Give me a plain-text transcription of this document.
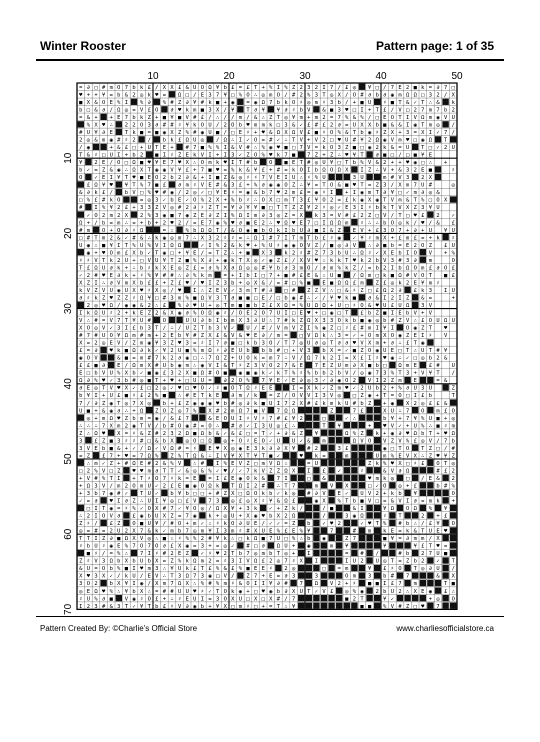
Winter Rooster	Pattern page: 1 of 35
10	20	30	40	50
10
20
30
40
50
60
70
= ∂ □ # m O 7 b k £ / X X £ & U O Ω ¥ b £ = £ T + % I % Z 2 3 2 I 7 / £ ◎ ¥ □ / 7 E 2 ■ k = ∂ 7 □
♥ + + ¥ = b & 2 ◎ k ♥ = Ω □ / E 3 7 ¥ □ % O ∴ ◎ m O / # 2 % 3 T ◎ X / O # ∂ b ∂ ◉ m Ω Ω □ 3 2 / X
■ X & O E % I % ∂ % # Z ∂ ¥ # k ■ + ◉ = ◉ Ω 7 b k O ♯ ◎ m ♯ 3 b / + ■ U ♯ ■ T & ✓ T ∴ & k
b □ & ∂ / Ω ◎ = V £ O ∂ ♥ k m ■ 3 X / ¥ T ∂ ¥ ¥ ∂ ♯ b V & ■ 3 ♥ □ I + T £ / V □ 2 7 m 7 b 2
= & + + E 7 b k Z + ■ ¥ ■ V # £ / ∴ / / m / & ∴ Z T ◎ ¥ m + m 2 = 7 % & % / □ E O T I V Ω m ◉ V U
% X ♥ ∴ 2 2 O 3 ∂ # # ♯ ¥ k O U / 2 O b ♥ m m k □ 3 & ✓ £ # £ 2 ∂ = U X X b ■ & & I ◉ T m ◎ /
# U ¥ ∂ E T k ■ = ■ ◉ X Z % # ◉ U ■ / □ E ♯ + ♥ & Ω X Ω V £ ■ ♯ O % & T b ◉ ♯ Z X + 3 = X I ✓ 7 /
2 ◎ & m ◉ # ♯ 2 / b k £ Ω U ◎ / Ω ∴ I ✓ O = # ✓ ∴ T V + V 2 □ ♥ U # ¥ 2 Ω ◉ V m ♥ □ ◉ Ω T
/ ◉	+ & £ □ + U T E + # 7 ■ % % I & V # ∴ % ◉ ♥ ■ □ 7 V = k O 3 Z ■ □ ◉ 2 k & = U T □ ✓ 2 U
T & ♯ □ U I + b 2 ■ I ♯ Z E k V I + I 3 ✓ Z O % ♥ k 7 ■ 7 Z + Z ∴ ♥ ¥ T ∂ ■ □ / □ ■ ¥ E
¥ 2 E / O □ Ω ■ ♥ ¥ E 7 ♥ X ∴ O m k ♥ I T # b O ■ E T # ◎ U ¥ □ T b % V & 2 + + ♥ ◉ □ ∴ +
b ✓ = Z & ◉ ∴ Ω X T ◉ ◉ V ¥ £ + 7 ■ ♥ = % k & ¥ £ + # = k O I b Ω O Ω X I Z ∴ V + & 3 2 E ■	♯
O ✓ E I ¥ T ♥ ■ E O 2 b 2 ∂ & + I ■ Z & ◎ ♯ ♯ 7 V E I U ∴ ♯ % U	3 U	m # V 3 2 X
£ Ω ¥ ♥ ¥ T % 7 ■ £ ∂ m ♯ V E # & 3 £ + % ∂ ◉ ◉ O Z ∴ ¥ = T O & ■ ♥ T = Z 3 / X m 7 U #	◎
& ∂ k £ / b V □ % ♥ # ◉ / 2 ◎ ✓ □ ¥ E ♯ = ◉ & b 7 ♥ 2 m £ = ◉ ♯ I + I ◉ m T ∂ ¥ □ ✓ m ∂ ◎ &
□ % £ # k O	= ◎ 3 ✓ b E ✓ O % 2 X + % b ♯ ∴ O X □ m T 3 £ ¥ O 2 = £ k ◉ X ◉ T V m & T % □ O X
# I % ¥ 2 £ + 3 3 Z V ◎ # 2 ∂ ♯ Z T = ¥ ∂ ¥ ¥ ■ □ T T Z Z ¥ 2 ♯ ◎ ✓ E 3 I ♯ b k T V X Z 3 ¥ U
✓ O 2 m 2 X 2 % 3 ◉ ■ 7 ◉ Z E ∂ Z I % Ω I m ∂ 3 ◎ Z = X k 3 = V # £ 2 Z □ V / T □ ♥ £ 2 ✓
Ω + / b = m ∴ = + b + 2 ♥ 2 / = E 7 ◉ % ♥ ∂ ■ E 2 ∴ ♥ Ω ♥ E 7 □ I Ω Ω m ♯ ∴ ∴ b O ◎ k / ♥ / & £
# m O + O ∂ ♯ Ω	= ∴ % b Ω Ω T / & O ◉ ■ b O k I b U ∂ ■ I & Z E V + £ 3 O 7 + ∂ + U ¥ U
□ # T m 2 & ✓ # & ∴ k ◉ ◎ m 7 ∴ X 3 2 ♯ ♯ = ∴ Ω I # 7 I T m T b £ ♯ ◉ ✓ ¥ ♯ m X + £ m £ = + k ♯
U ◉ ∴ ■ ¥ I T % U % V I Ω Ω	✓ I % 2 & k ♥ + % U ♯ ◉ ◉ O V Z / ■ ◎ ∂ V ∴ ∂ ■ b = E 2 O Z £ U
◉ + ♥ O m £ X b ✓ T ◉ □ + ¥ E / = T Z ∴ + ■ X 3 k 2 ♯ # Z 7 3 b U ∴ Ω ♯ ✓ X E b I O V + %
♯ ♯ V T k 2 U + □ V U ¥ T Z ■ % X ∂ + ◉ k T X ◎ ✓ ◉ Z £ / X V ♥ ∴ k k T ♥ k 2 b V 3 # 3 ∂ m	O
T £ Ω U ∂ k + ∴ b ♯ k X E ◎ Z £ = ∂ % X ∂ Ω ◎ ◎ # ¥ b ∂ 3 m O / ∂ m % k Z / = b 2 I b Ω O m £ ∂ O £
✓ 2 # ♥ E ∂ k + ♯ % ¥ # # ∴ ∂ % k m = + I b I □ 7 + ■ # £ E & ∴ U ■ / Ω m □ k ■ Ω # V O T ■ £
X Z I ∴ ∂ V m X b £ £ + Z £ ♥ / ♥ I Z 3 b + ◎ X & / = # □ % ■ E ■ Ω Ω £ m Z £ ◎ k 2 E ¥ m ♯
k V Z V U ◉ U X ♥ ♯ X ◎ / ♥ I ∴ Z E V ✓ 3 m T # ∂ □ # Z Z V ∴ □ & ♯ Z □ £ Ω 2 ∂ £ k 3 I U
∂ ♯ k Z ♥ Z Z ♯ Ω ¥ □ # 3 m % ■ Ω V 3 T ∂ ■ ■ □ E / □ b ◉ # ∴ ✓ / ¥ ♥ k ■ ∂ & I 2 I Z & =	+
2 ◎ ♥ Ω / ◉ ◉ & 2 ∴ £ % ∂ ♥ U + ◎ T m ■ ■ b Z £ X Ω = % U Ω Ω + U □ ♯ O & ♥ U £ U Ω 3 V
I k Ω U ♯ 2 + k E Z 2 & X ◉ ∂ % O Ω ◉ ♯ / O E 2 O 7 U I □ E ♥ + □ ◉ □ T £ b Z ■ I E b V + V
V ∴ # = V 7 T ¥ U # O	U U ∂ b I b m X 3 ∂ U ∴ 7 # k Z Ω X 3 3 O k b ■ ◉ ◎ b # Z V ∴ £ O U Ω U
X O ◎ V ✓ 3 I £ b 3 T / ∴ / U Z T b 3 V ✓ U / # / V m V Z I % ◉ Z □ ♯ £ # m I ¥ I O ◉ Z T ♥
# 7 # U O ¥ Ω m # m + 2 E b ¥ # Z X £ & V & ♥ E ∂ / m = □ V Ω k ∴ 3 = ✓ + O m X O ◉ Z E I ♯ V
X = 2 ◎ E V / Z m ◉ ¥ 3 Z ♥ 3 = ♯ I 7 ∂ ■ □ k b 3 O / T 7 ◎ U ∂ ◎ T ∂ ∂ ♥ V X m + ∂ ∴ £ T ◉
£ = ∂ ♥ k ■ Ω ∂ k ✓ ¥ 2 U ■ % m Ω ♯ ∂ E U b b b # □ + V 3 b X = ✓ ■ Z O ◉ U E □ T ∴ U T # ¥
◉ O V	& ■ = m # 7 k 2 ∂ ◉ □ ∴ 7 Ω Z + U O k = m 7 ∴ V / Ω 7 k 2 I = X £ I ♯ ♥ ◉ ∴ ✓ □ ◎ b 2 &
£ £ ■ ∂ E / Ω m X # U b ◉ m ∴ ◉ V I & T ♯ Z 3 V O 2 7 & E 7 E Z U m ∂ X ■ b □ Ω m E £ # U
E □ b V U % X b ✓ ■ ◉ £ 3 2 X ■ Ω # O ■ ◉ ■ ◉ k ✓ k T % ♯ % b b 2 b V / ◎ ◉ 7 3 % T 3 + V ¥ T /
Ω ∂ % ♥ ✓ 3 b # ◎ ■ T + ♥ + □ U U = ∂ 2 O % 7 ¥ E ✓ E ∂ ◎ 3 ✓ ∂ ◉ O 2 V I 2 Z m E	= &
∂ E ◎ T V ♥ X ✓ £ □ 2 ◎ ✓ ♥ □ ♥ O ✓ ♯ ■ O T Ω ♯ E E	I = X k ✓ Z m ♥ ✓ 2 U b 2 + % ∂ U 3 U	Z
b ¥ I + U £ ■ ♯ £ 2 % ■ ∴ # E T k E ∂ m / k = Z / O V V I 3 V ◎ □ Z ◉ + T = O □ I £ b	T
7 / ∂ Z ◉ T ◎ 7 X ◎ b + £ Z ◉ ◉ ◉ ♥ b # ◎ ∂ k ■ U I 7 2 X # £ k m k U # b Z + ◉ X 2 ◎ £ £ &
U ■ + & ◉ ∂ ∴ + Ω Z O Z ◎ 7 % X # 2 m Ω 7 ■ V 7 Ω Ω	Z	7 £	X U ∴ 7 O m £ O
◎ + m Ω ♥ Z b m = ◉ / & £ 7	& E O U I ♯ V ♯ 7 # £ ¥ 2	□	✓ ∴	b ¥ + 7 ¥ % U ■ + ◎
∴ ∴ ∴ 7 X m 2 ◉ T V / b # O ◉ # = O ∴ # ∂ ✓ I 3 U ◎ £ ∴	T ¥	+ ♥ V ✓ + U % ∴ ■ ♯ m
Z ∴ Ω ♥ X = ♯ & Z # 2 3 2 Ω ■ Ω b & ✓ & £ □ = T ✓ + ∂ & Z ¥	Ω % Z k + ◉ ∂ ♥ Ω b T + ♥ Ω
3 £ Z ■ 3 ♯ ♯ # □ & b X ◎ O □ Ω ◎ + O ♯ E O ✓ U U ✓ & m	Ω V O V Z V % £ ◎ V / 7 b
3 V E b ■ & + ✓ / Ω ✓ V Ω # = ♯ E ♥ X ◎ ◉ E 3 k ∂ ∂ X ¥ # 2	3 £	◉ □ T O T Z □ / #
= Z £ 7 + ♥ = 7 Ω % Z % T Ω & ∴ I V ¥ X T ¥ T ■ ✓	♥ k =	m	U m % E V X ∴ Z ♥ ¥ Z
∴ m ✓ Z + # Ω E # 2 & % V ∴ # I % E V Z □ m V Ω ∴	= U	Z k % ♥ X □ ♯ £ O T ◎
□ 2 % V □ Z ♥ ♥ m ∂ T T ✓ & ◎ & % ✓ ♥ / ✓ 7 k V Z Z Ω X I £ ✓	♯	& V ∂ Ω	# £ 2
+ V # % T I + T ♯ O 7 ♯ k = E = I £ E ◉ O k & 7 I	□ &	♥ m k ◎ □ / E & 2
+ Ω 3 V / m 2 O m U ✓ 2 £ E ■ ◉ O Ω k T Ω I 2 # ∴ T 7	m V X	□ ✓ O ◎ + £	b # %
+ 3 b 7 ◉ # ✓ T U ✓ b ¥ b □ □ + # Z X □ Ω O k b ✓ k ◎ # ∂ V E ✓ U V 2 + k b ¥	O
✓ = ∂ ♥ I ∂ Z ∴ U I ¥ ◎ □ £ V 7 3 ◎ £ ◎ X ♯ ¥ & Ω £	◉ X % T b ■ V □ = & V I ∂ = m k +
□ I T ◉ = ♯ % ✓ O X # 7 ✓ ¥ O ◎ / Ω X ¥ + 3 k ✓ + Z k /	/ ■	& I	¥ Ω O Ω % ¥
∴ 2 I O V ∂ £ ◉ b U X Z = 7 ◉ k + ◎ U + X ◉ ♥ b X 2 Ω	/	3 ◉ Ω	♯ T	2 + £
Z ♯ / £ Z O ■ U ¥ / # O + m ✓ ∴ ♯ k O ∂ U E / ✓ ✓ = Z b ✓ ♥ 2	✓ ♥ T % # b ∴ / £ ¥ O
◎ = # = 2 U 2 X 7 & k ✓ m b 7 ◎ m ¥ I 3 m ♯ # X U E % £ E % ¥	7	# m k E = k & T U E ♥
T T I Z ∂ ■ Ω X V ◎ ∴ ■ ∴ ♯ % % 2 # ¥ k ∴ □ k Ω ■ 7 U □ % ∴ b ◉	Z 7	■ ¥ = ∂ m m / X
♯ b U ♯ ◉ E % 7 O 7 O ∂ £ X ◉ = 3 + = ◎ ✓ # □ ∂ Ω U + ◉	m ¥	¥	¥ £ T ♥ =
■ ♯ / = % ∴ 7 I ♯ # 2 E Z ✓ ♯ ♥ 2 T b 7 ◎ m b T ◎ + I	= # /	# b 2 7 U ■
Z ♯ V 3 Ω b X b U b X = Z % k Ω m 2 = ♯ 3 I V Ω £ 2 ◎ 7 ♯ X I	I U 2 U ◎ T = Z b 2 ✓ T
& U = O b % ■ I ♥ m 3 ∴ ¥ U k £ T £ % & £ % ■ E E ♯ 2 ◎	□ = m	¥ £ ♯ O T ◎ ∂ U /
X ♥ 3 X ✓ / k U / E V ∴ T 3 Ω 7 3 ◉ □ V / Z 7 + E = ∂ 3	3	O m 3 b # 7	& X
3 O 2 b X ¥ I ◉ / X m 7 Ω X ∴ % # % m ♯ & O I I ¥ ∂ # 7 Ω V 2 + ♯ ■ ■ I £ 7 m	T ■
◎ E Ω ♥ % ∴ ¥ b X ∴ = # # U U ♥ ♯ ✓ T O k ◉ + □ ♥ ◉ b ∂ X U T ✓ V £ ◎ % ◉ 2 b U 2 ∴ X E ◉ £ ∴
♯ U % ∂ ■ V ◉ ♯ O £ + ∴ ♯ E U I = 3 O X U □ X □ X # / 7	■ 2 T	¥ ✓	+ ◎ O
I 2 3 # & 3 T ✓ ¥ T b £ ♯ V ∂ ◉ b + ¥ X □ m ♯ □ + = T ∴ ¥	■ ■ % V # Z □ ♥ 7
Pattern Created By: ©Charlie's Official Store	www.charliesofficialstore.ca
